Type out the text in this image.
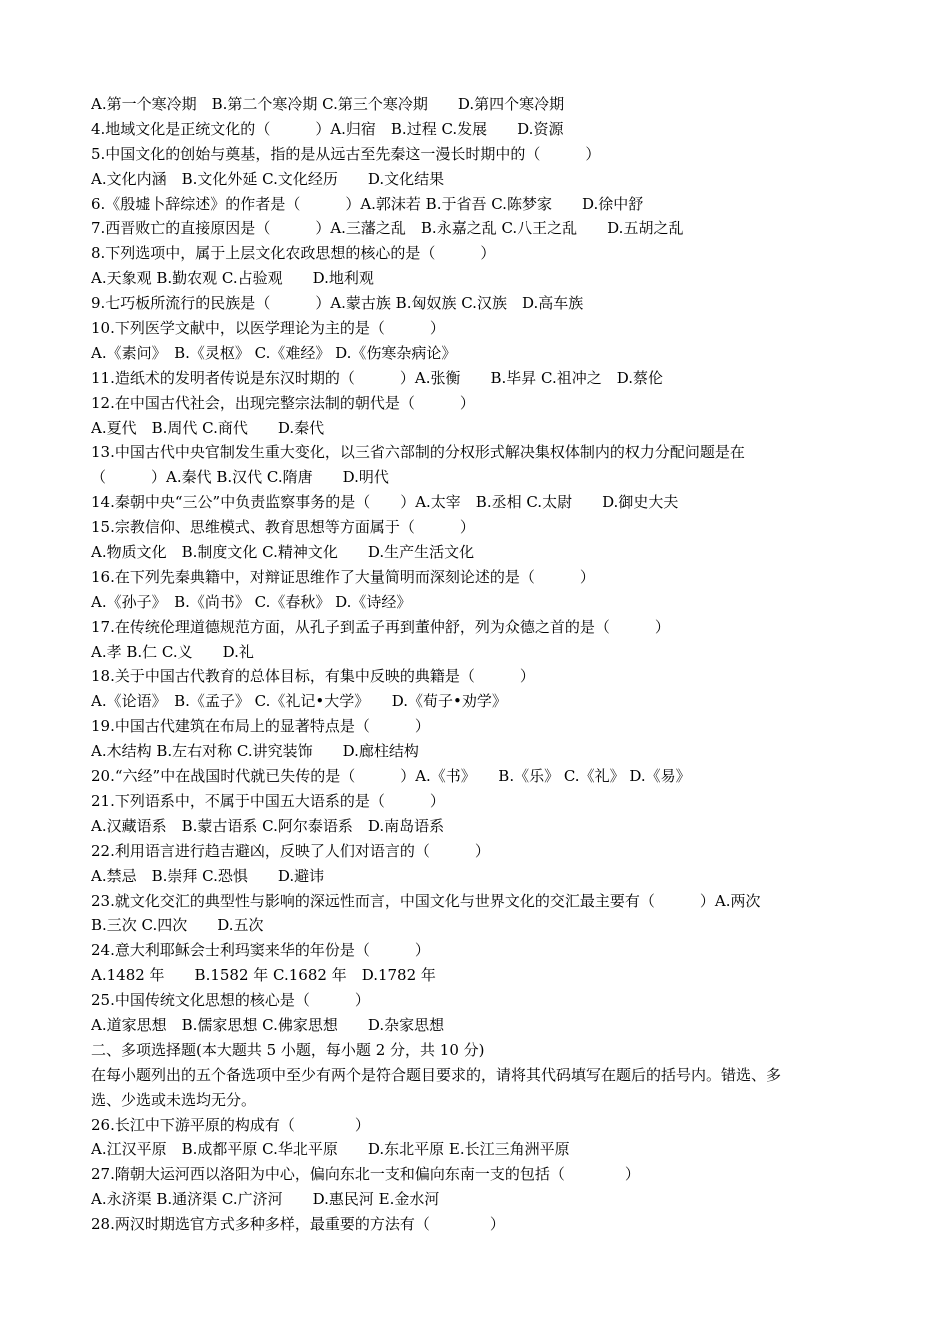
A.第一个寒冷期　B.第二个寒冷期 C.第三个寒冷期　　D.第四个寒冷期
4.地域文化是正统文化的（　　　）A.归宿　B.过程 C.发展　　D.资源
5.中国文化的创始与奠基，指的是从远古至先秦这一漫长时期中的（　　　）
A.文化内涵　B.文化外延 C.文化经历　　D.文化结果
6.《殷墟卜辞综述》的作者是（　　　）A.郭沫若 B.于省吾 C.陈梦家　　D.徐中舒
7.西晋败亡的直接原因是（　　　）A.三藩之乱　B.永嘉之乱 C.八王之乱　　D.五胡之乱
8.下列选项中，属于上层文化农政思想的核心的是（　　　）
A.天象观 B.勤农观 C.占验观　　D.地利观
9.七巧板所流行的民族是（　　　）A.蒙古族 B.匈奴族 C.汉族　D.高车族
10.下列医学文献中，以医学理论为主的是（　　　）
A.《素问》　B.《灵枢》 C.《难经》 D.《伤寒杂病论》
11.造纸术的发明者传说是东汉时期的（　　　）A.张衡　　B.毕昇 C.祖冲之　D.蔡伦
12.在中国古代社会，出现完整宗法制的朝代是（　　　）
A.夏代　B.周代 C.商代　　D.秦代
13.中国古代中央官制发生重大变化，以三省六部制的分权形式解决集权体制内的权力分配问题是在
（　　　）A.秦代 B.汉代 C.隋唐　　D.明代
14.秦朝中央“三公”中负责监察事务的是（　　）A.太宰　B.丞相 C.太尉　　D.御史大夫
15.宗教信仰、思维模式、教育思想等方面属于（　　　）
A.物质文化　B.制度文化 C.精神文化　　D.生产生活文化
16.在下列先秦典籍中，对辩证思维作了大量简明而深刻论述的是（　　　）
A.《孙子》　B.《尚书》 C.《春秋》 D.《诗经》
17.在传统伦理道德规范方面，从孔子到孟子再到董仲舒，列为众德之首的是（　　　）
A.孝 B.仁 C.义　　D.礼
18.关于中国古代教育的总体目标，有集中反映的典籍是（　　　）
A.《论语》　B.《孟子》 C.《礼记•大学》　　D.《荀子•劝学》
19.中国古代建筑在布局上的显著特点是（　　　）
A.木结构 B.左右对称 C.讲究装饰　　D.廊柱结构
20.“六经”中在战国时代就已失传的是（　　　）A.《书》　　B.《乐》 C.《礼》 D.《易》
21.下列语系中，不属于中国五大语系的是（　　　）
A.汉藏语系　B.蒙古语系 C.阿尔泰语系　D.南岛语系
22.利用语言进行趋吉避凶，反映了人们对语言的（　　　）
A.禁忌　B.崇拜 C.恐惧　　D.避讳
23.就文化交汇的典型性与影响的深远性而言，中国文化与世界文化的交汇最主要有（　　　）A.两次
B.三次 C.四次　　D.五次
24.意大利耶稣会士利玛窦来华的年份是（　　　）
A.1482 年　　B.1582 年 C.1682 年　D.1782 年
25.中国传统文化思想的核心是（　　　）
A.道家思想　B.儒家思想 C.佛家思想　　D.杂家思想
二、多项选择题(本大题共 5 小题，每小题 2 分，共 10 分)
在每小题列出的五个备选项中至少有两个是符合题目要求的，请将其代码填写在题后的括号内。错选、多
选、少选或未选均无分。
26.长江中下游平原的构成有（　　　　）
A.江汉平原　B.成都平原 C.华北平原　　D.东北平原 E.长江三角洲平原
27.隋朝大运河西以洛阳为中心，偏向东北一支和偏向东南一支的包括（　　　　）
A.永济渠 B.通济渠 C.广济河　　D.惠民河 E.金水河
28.两汉时期选官方式多种多样，最重要的方法有（　　　　）
